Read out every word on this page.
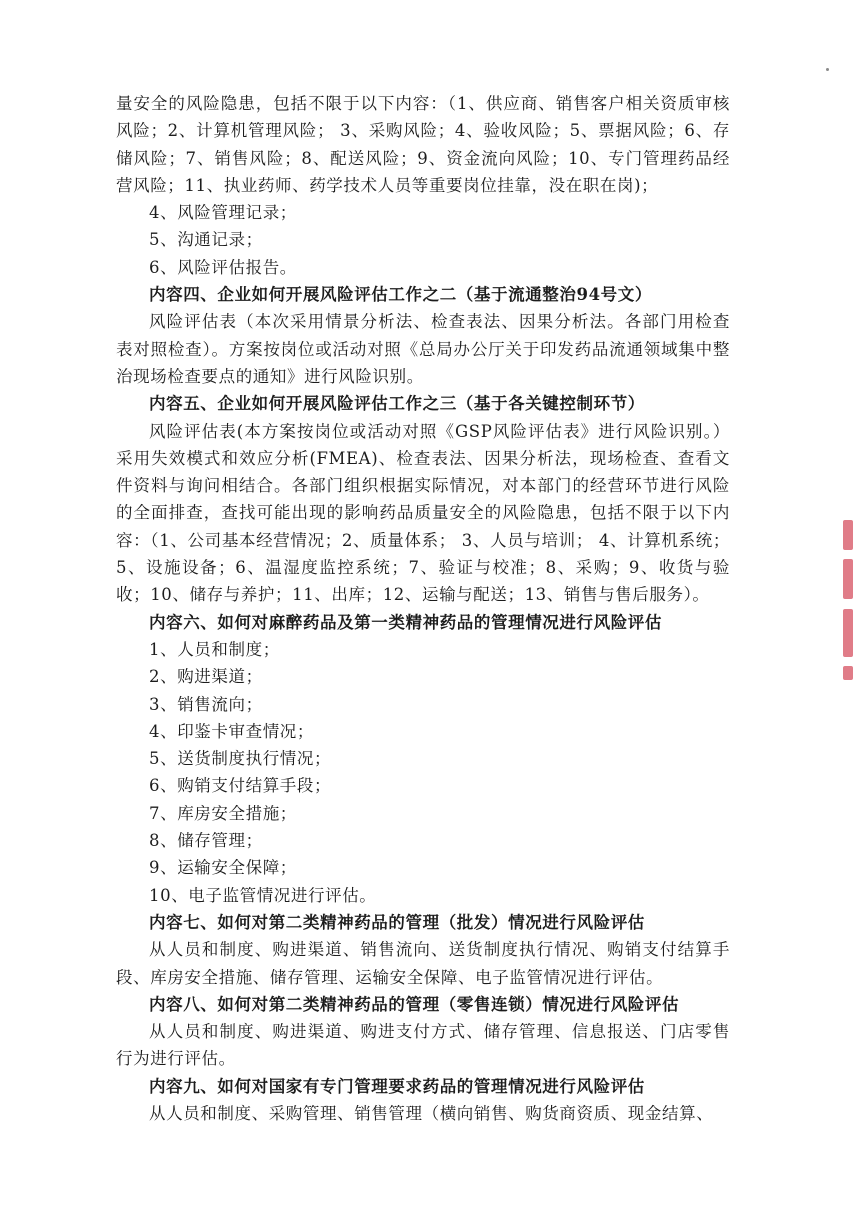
量安全的风险隐患，包括不限于以下内容：（1、供应商、销售客户相关资质审核风险；2、计算机管理风险； 3、采购风险；4、验收风险；5、票据风险；6、存储风险；7、销售风险；8、配送风险；9、资金流向风险；10、专门管理药品经营风险；11、执业药师、药学技术人员等重要岗位挂靠，没在职在岗)；

4、风险管理记录；

5、沟通记录；

6、风险评估报告。

内容四、企业如何开展风险评估工作之二（基于流通整治94号文）

风险评估表（本次采用情景分析法、检查表法、因果分析法。各部门用检查表对照检查）。方案按岗位或活动对照《总局办公厅关于印发药品流通领域集中整治现场检查要点的通知》进行风险识别。

内容五、企业如何开展风险评估工作之三（基于各关键控制环节）

风险评估表(本方案按岗位或活动对照《GSP风险评估表》进行风险识别。）采用失效模式和效应分析(FMEA)、检查表法、因果分析法，现场检查、查看文件资料与询问相结合。各部门组织根据实际情况，对本部门的经营环节进行风险的全面排查，查找可能出现的影响药品质量安全的风险隐患，包括不限于以下内容：（1、公司基本经营情况；2、质量体系； 3、人员与培训； 4、计算机系统；5、设施设备；6、温湿度监控系统；7、验证与校准；8、采购；9、收货与验收；10、储存与养护；11、出库；12、运输与配送；13、销售与售后服务）。

内容六、如何对麻醉药品及第一类精神药品的管理情况进行风险评估

1、人员和制度；

2、购进渠道；

3、销售流向；

4、印鉴卡审查情况；

5、送货制度执行情况；

6、购销支付结算手段；

7、库房安全措施；

8、储存管理；

9、运输安全保障；

10、电子监管情况进行评估。

内容七、如何对第二类精神药品的管理（批发）情况进行风险评估

从人员和制度、购进渠道、销售流向、送货制度执行情况、购销支付结算手段、库房安全措施、储存管理、运输安全保障、电子监管情况进行评估。

内容八、如何对第二类精神药品的管理（零售连锁）情况进行风险评估

从人员和制度、购进渠道、购进支付方式、储存管理、信息报送、门店零售行为进行评估。

内容九、如何对国家有专门管理要求药品的管理情况进行风险评估

从人员和制度、采购管理、销售管理（横向销售、购货商资质、现金结算、
